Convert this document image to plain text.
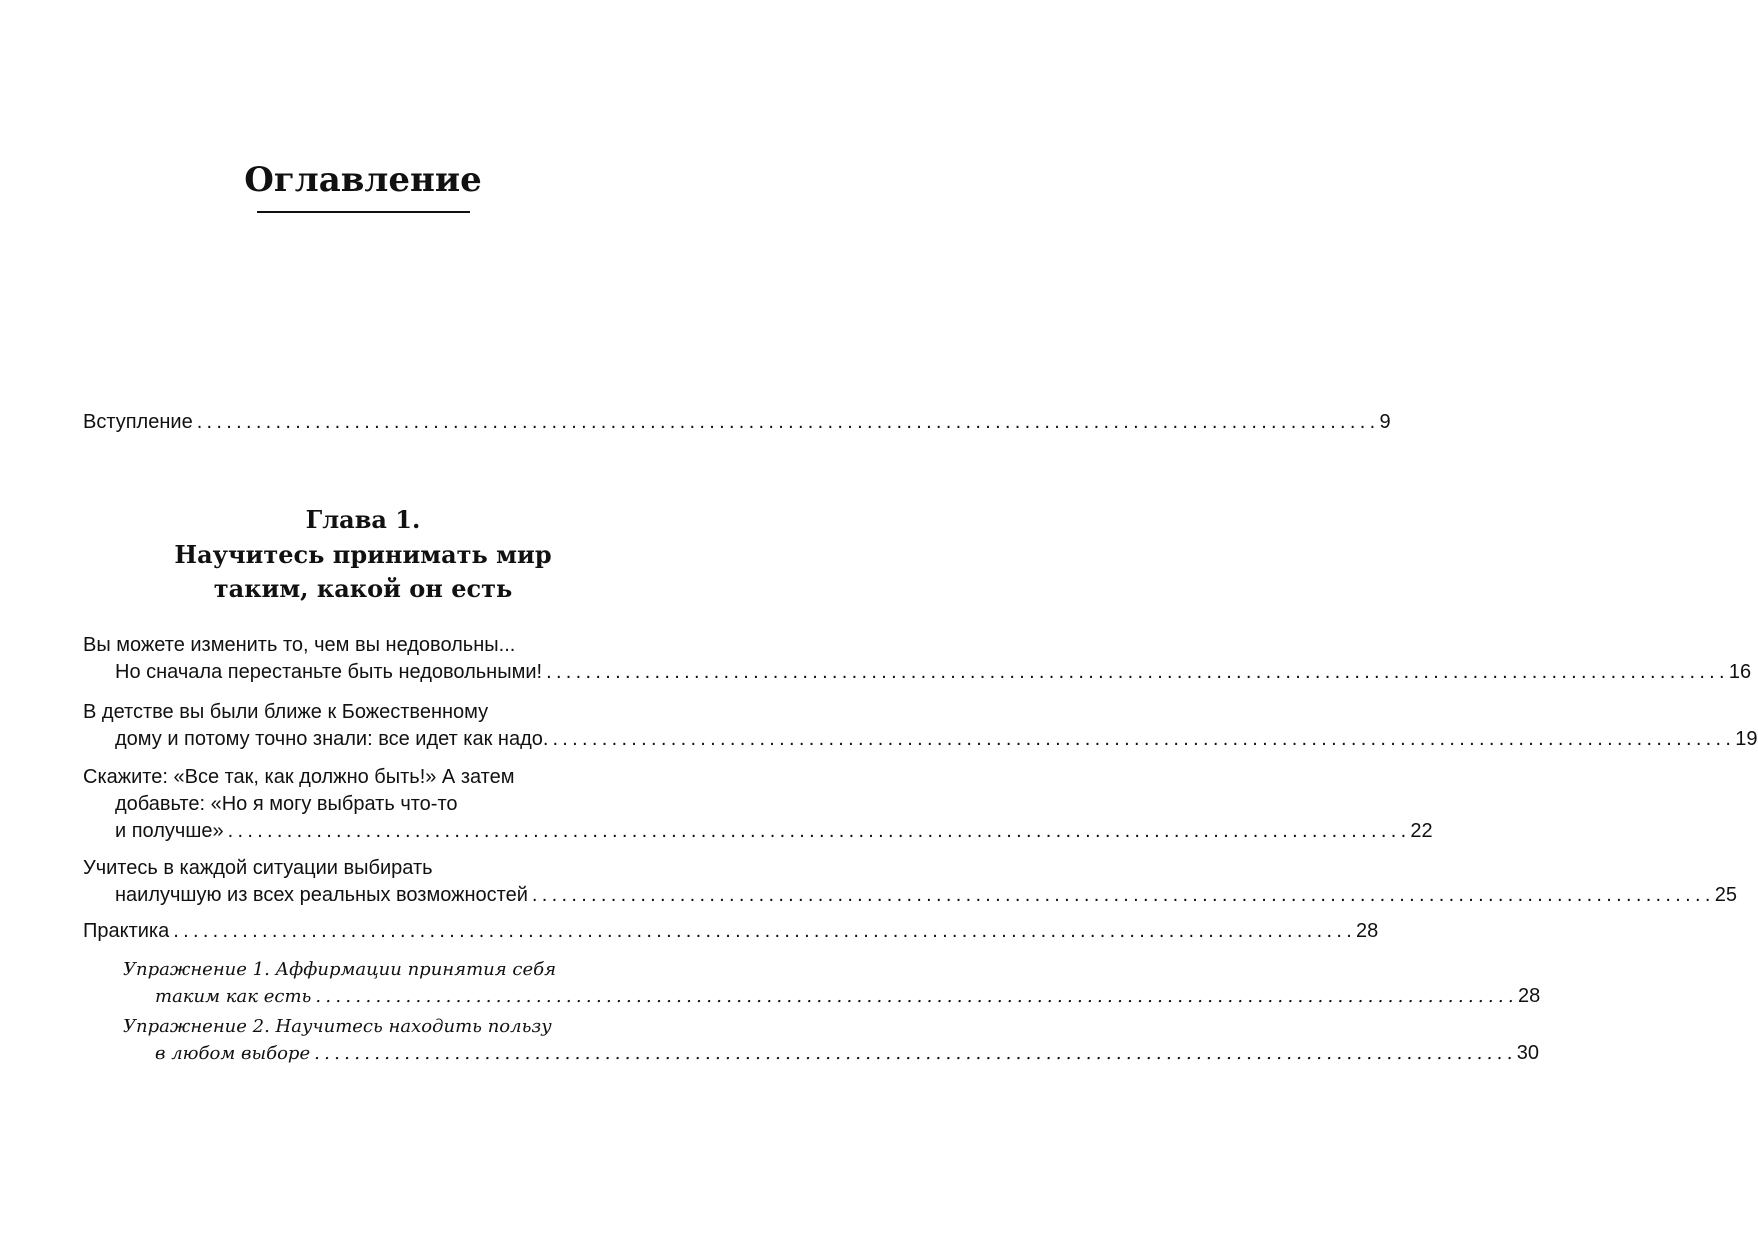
Оглавление
Вступление ........................................................................................................................ 9
Глава 1.
Научитесь принимать мир
таким, какой он есть
Вы можете изменить то, чем вы недовольны...
Но сначала перестаньте быть недовольными! ........................................................................................................................ 16
В детстве вы были ближе к Божественному
дому и потому точно знали: все идет как надо. ........................................................................................................................ 19
Скажите: «Все так, как должно быть!» А затем
добавьте: «Но я могу выбрать что-то
и получше» ........................................................................................................................ 22
Учитесь в каждой ситуации выбирать
наилучшую из всех реальных возможностей ........................................................................................................................ 25
Практика ........................................................................................................................ 28
Упражнение 1. Аффирмации принятия себя
таким как есть ........................................................................................................................ 28
Упражнение 2. Научитесь находить пользу
в любом выборе ........................................................................................................................ 30
